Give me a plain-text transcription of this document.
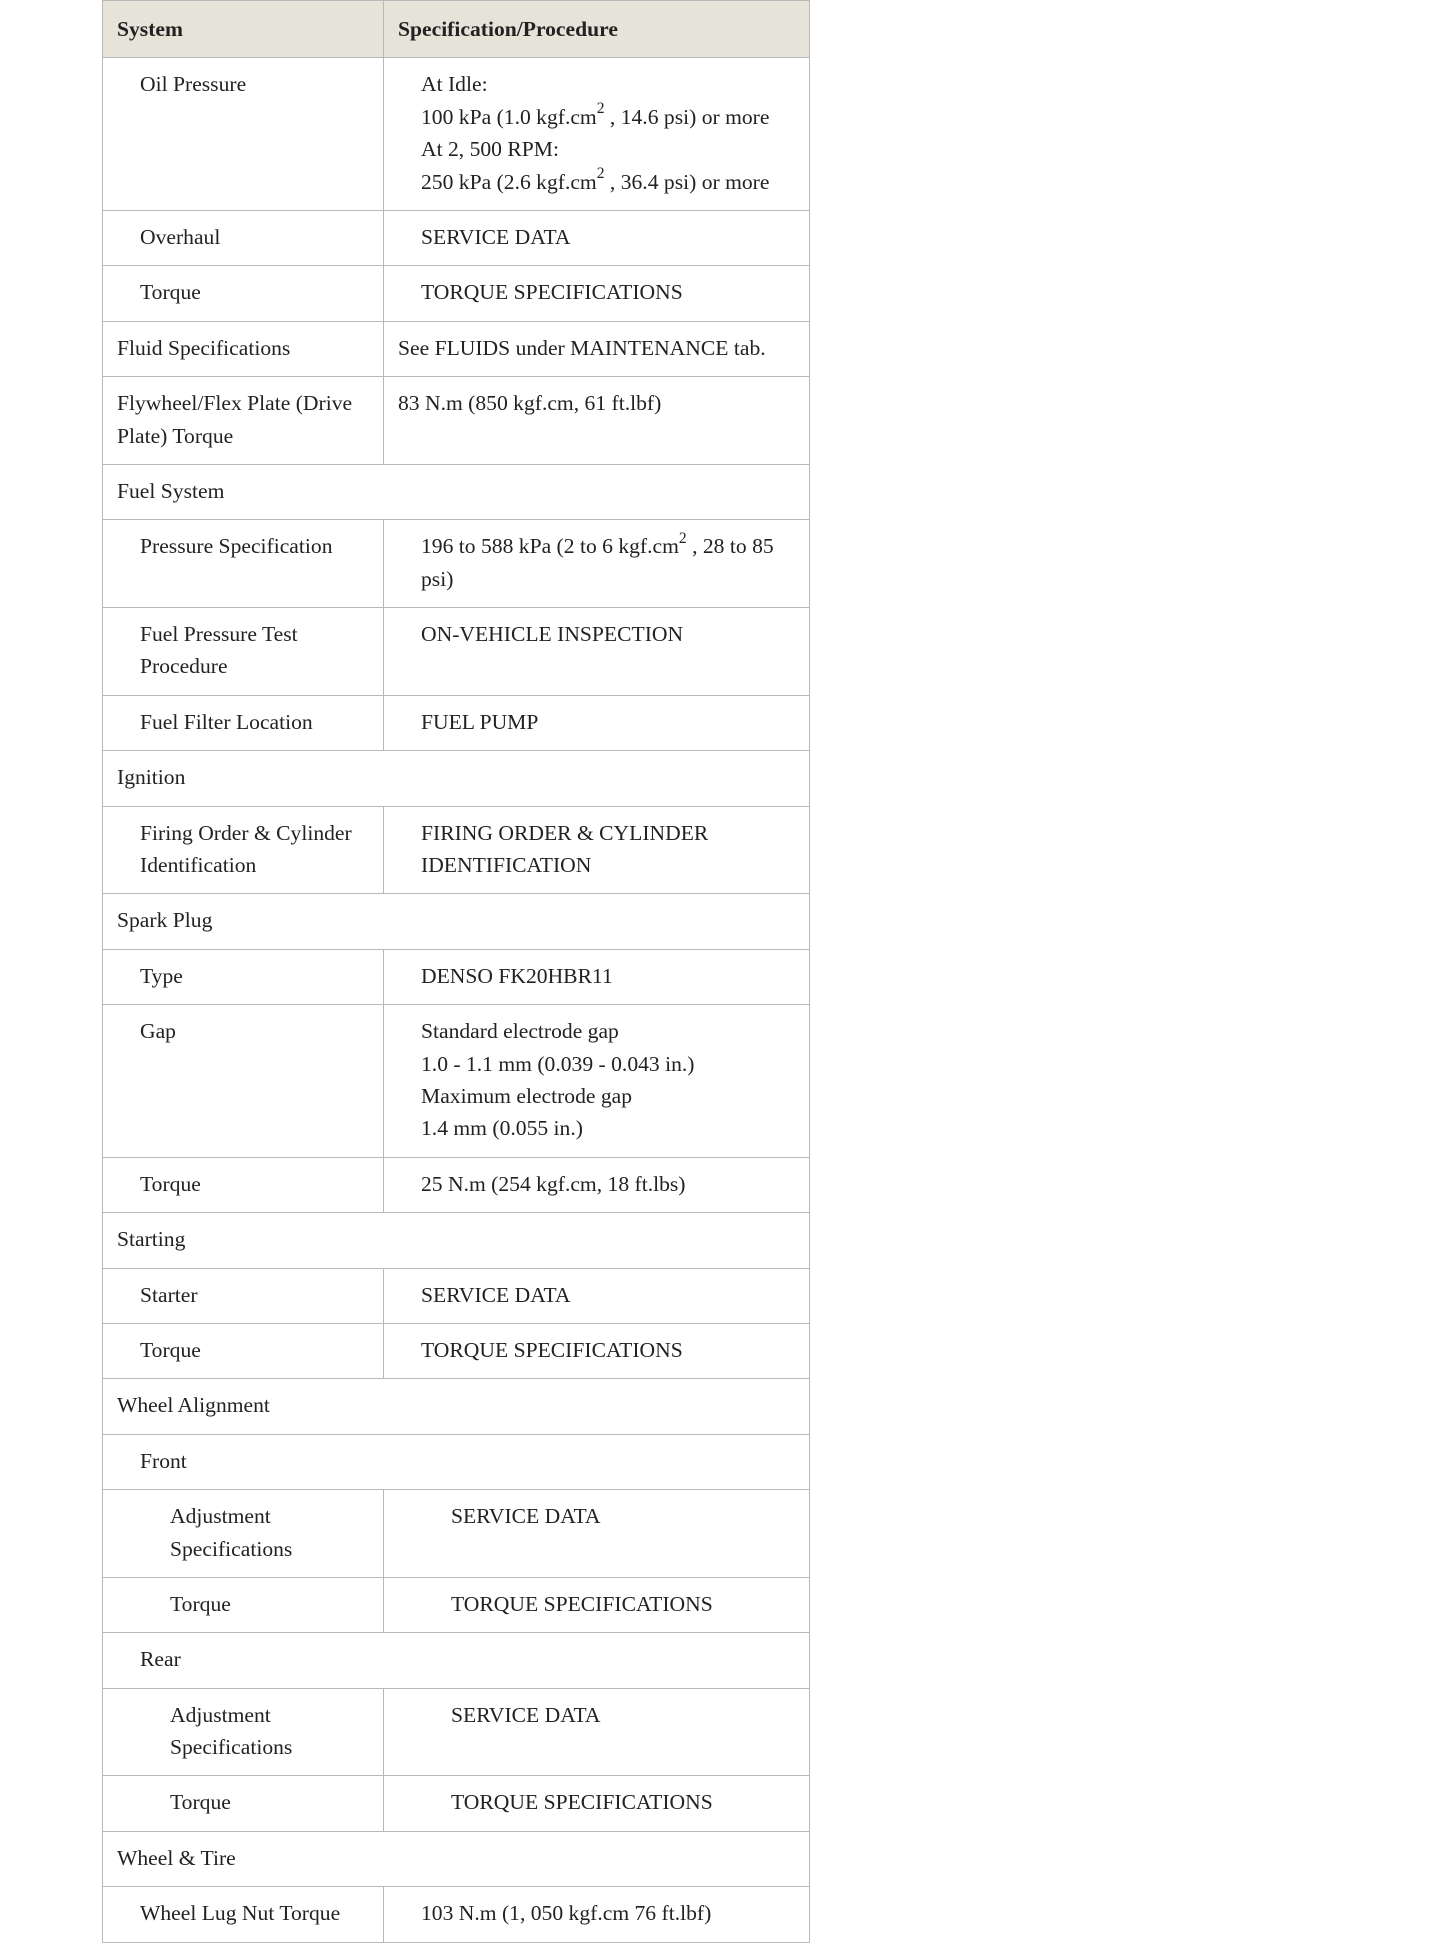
System	Specification/Procedure
Oil Pressure	At Idle:
100 kPa (1.0 $kgf.cm^2$ , 14.6 psi) or more
At 2, 500 RPM:
250 kPa (2.6 $kgf.cm^2$ , 36.4 psi) or more

Overhaul	SERVICE DATA
Torque	TORQUE SPECIFICATIONS
Fluid Specifications	See FLUIDS under MAINTENANCE tab.
Flywheel/Flex Plate (Drive Plate) Torque	83 N.m (850 kgf.cm, 61 ft.lbf)
Fuel System	
Pressure Specification	196 to 588 kPa (2 to 6 $kgf.cm^2$ , 28 to 85 psi)
Fuel Pressure Test Procedure	ON-VEHICLE INSPECTION
Fuel Filter Location	FUEL PUMP
Ignition	
Firing Order & Cylinder Identification	FIRING ORDER & CYLINDER IDENTIFICATION
Spark Plug	
Type	DENSO FK20HBR11
Gap	Standard electrode gap
1.0 - 1.1 mm (0.039 - 0.043 in.)
Maximum electrode gap
1.4 mm (0.055 in.)

Torque	25 N.m (254 kgf.cm, 18 ft.lbs)
Starting	
Starter	SERVICE DATA
Torque	TORQUE SPECIFICATIONS
Wheel Alignment	
Front	
Adjustment Specifications	SERVICE DATA
Torque	TORQUE SPECIFICATIONS
Rear	
Adjustment Specifications	SERVICE DATA
Torque	TORQUE SPECIFICATIONS
Wheel & Tire	
Wheel Lug Nut Torque	103 N.m (1, 050 kgf.cm 76 ft.lbf)
